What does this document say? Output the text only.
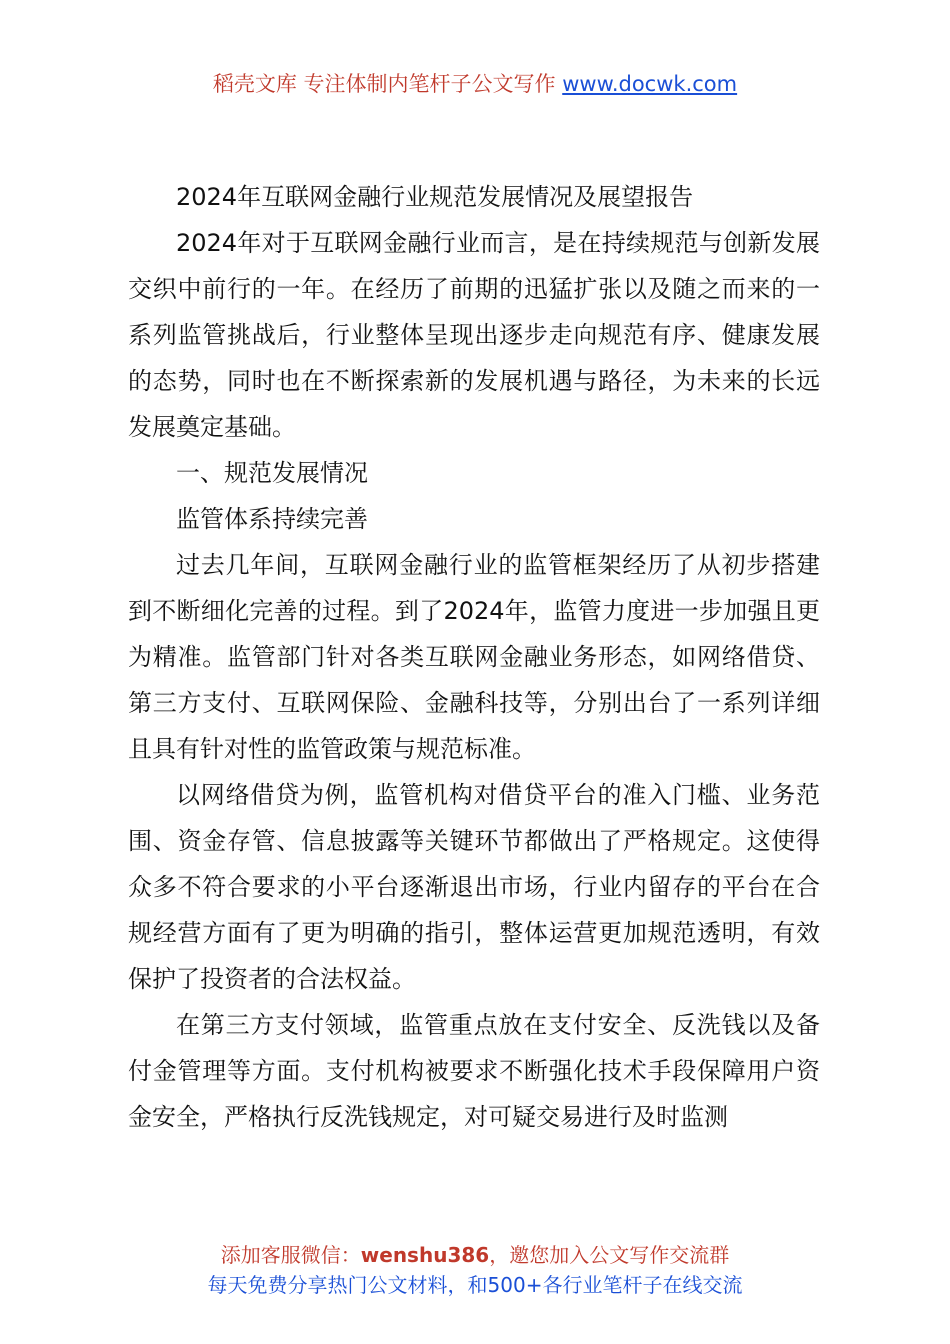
稻壳文库 专注体制内笔杆子公文写作 www.docwk.com

2024年互联网金融行业规范发展情况及展望报告

2024年对于互联网金融行业而言，是在持续规范与创新发展交织中前行的一年。在经历了前期的迅猛扩张以及随之而来的一系列监管挑战后，行业整体呈现出逐步走向规范有序、健康发展的态势，同时也在不断探索新的发展机遇与路径，为未来的长远发展奠定基础。

一、规范发展情况

监管体系持续完善

过去几年间，互联网金融行业的监管框架经历了从初步搭建到不断细化完善的过程。到了2024年，监管力度进一步加强且更为精准。监管部门针对各类互联网金融业务形态，如网络借贷、第三方支付、互联网保险、金融科技等，分别出台了一系列详细且具有针对性的监管政策与规范标准。

以网络借贷为例，监管机构对借贷平台的准入门槛、业务范围、资金存管、信息披露等关键环节都做出了严格规定。这使得众多不符合要求的小平台逐渐退出市场，行业内留存的平台在合规经营方面有了更为明确的指引，整体运营更加规范透明，有效保护了投资者的合法权益。

在第三方支付领域，监管重点放在支付安全、反洗钱以及备付金管理等方面。支付机构被要求不断强化技术手段保障用户资金安全，严格执行反洗钱规定，对可疑交易进行及时监测

添加客服微信：wenshu386，邀您加入公文写作交流群
每天免费分享热门公文材料，和500+各行业笔杆子在线交流
